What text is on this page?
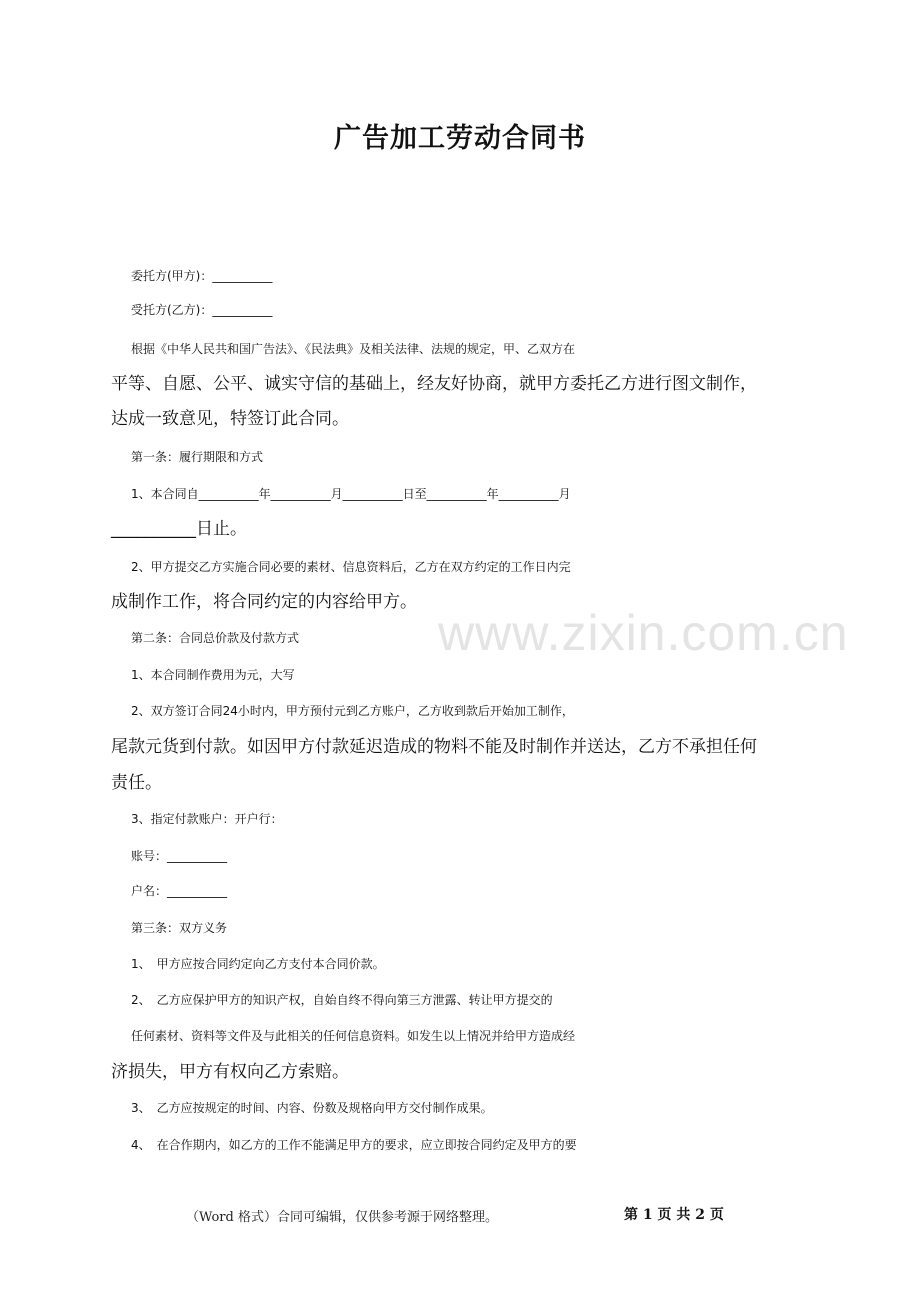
www.zixin.com.cn
广告加工劳动合同书
委托方(甲方)：__________
受托方(乙方)：__________
根据《中华人民共和国广告法》、《民法典》及相关法律、法规的规定，甲、乙双方在
平等、自愿、公平、诚实守信的基础上，经友好协商，就甲方委托乙方进行图文制作，
达成一致意见，特签订此合同。
第一条：履行期限和方式
1、本合同自__________年__________月__________日至__________年__________月
__________日止。
2、甲方提交乙方实施合同必要的素材、信息资料后，乙方在双方约定的工作日内完
成制作工作，将合同约定的内容给甲方。
第二条：合同总价款及付款方式
1、本合同制作费用为元，大写
2、双方签订合同24小时内，甲方预付元到乙方账户，乙方收到款后开始加工制作，
尾款元货到付款。如因甲方付款延迟造成的物料不能及时制作并送达，乙方不承担任何
责任。
3、指定付款账户：开户行：
账号：__________
户名：__________
第三条：双方义务
1、　甲方应按合同约定向乙方支付本合同价款。
2、　乙方应保护甲方的知识产权，自始自终不得向第三方泄露、转让甲方提交的
任何素材、资料等文件及与此相关的任何信息资料。如发生以上情况并给甲方造成经
济损失，甲方有权向乙方索赔。
3、　乙方应按规定的时间、内容、份数及规格向甲方交付制作成果。
4、　在合作期内，如乙方的工作不能满足甲方的要求，应立即按合同约定及甲方的要
（Word 格式）合同可编辑，仅供参考源于网络整理。	第 1 页 共 2 页
